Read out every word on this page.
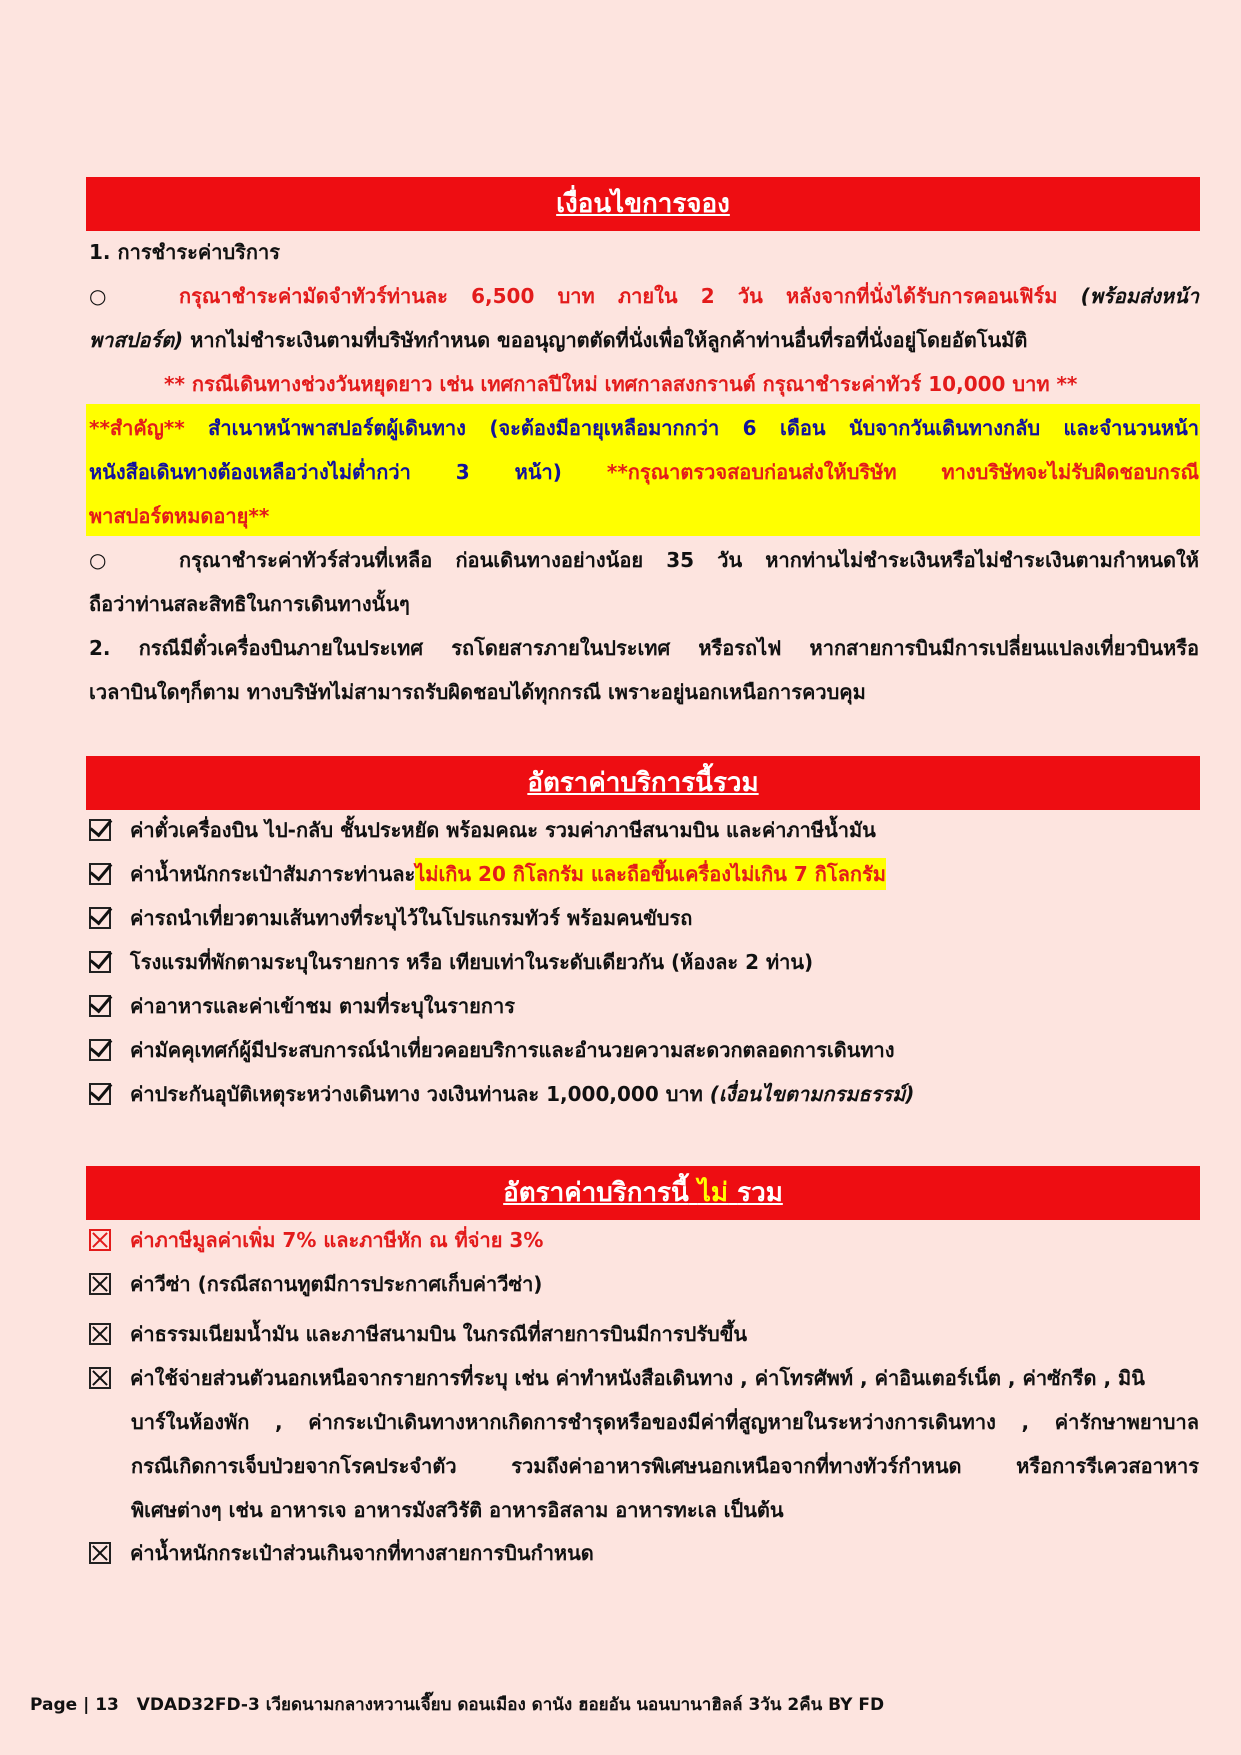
เงื่อนไขการจอง
1. การชำระค่าบริการ
○	กรุณาชำระค่ามัดจำทัวร์ท่านละ 6,500 บาท ภายใน 2 วัน หลังจากที่นั่งได้รับการคอนเฟิร์ม (พร้อมส่งหน้า
พาสปอร์ต) หากไม่ชำระเงินตามที่บริษัทกำหนด ขออนุญาตตัดที่นั่งเพื่อให้ลูกค้าท่านอื่นที่รอที่นั่งอยู่โดยอัตโนมัติ
** กรณีเดินทางช่วงวันหยุดยาว เช่น เทศกาลปีใหม่ เทศกาลสงกรานต์ กรุณาชำระค่าทัวร์ 10,000 บาท **
**สำคัญ** สำเนาหน้าพาสปอร์ตผู้เดินทาง (จะต้องมีอายุเหลือมากกว่า 6 เดือน นับจากวันเดินทางกลับ และจำนวนหน้า
หนังสือเดินทางต้องเหลือว่างไม่ต่ำกว่า 3 หน้า) **กรุณาตรวจสอบก่อนส่งให้บริษัท ทางบริษัทจะไม่รับผิดชอบกรณี
พาสปอร์ตหมดอายุ**
○	กรุณาชำระค่าทัวร์ส่วนที่เหลือ ก่อนเดินทางอย่างน้อย 35 วัน หากท่านไม่ชำระเงินหรือไม่ชำระเงินตามกำหนดให้
ถือว่าท่านสละสิทธิในการเดินทางนั้นๆ
2. กรณีมีตั๋วเครื่องบินภายในประเทศ รถโดยสารภายในประเทศ หรือรถไฟ หากสายการบินมีการเปลี่ยนแปลงเที่ยวบินหรือ
เวลาบินใดๆก็ตาม ทางบริษัทไม่สามารถรับผิดชอบได้ทุกกรณี เพราะอยู่นอกเหนือการควบคุม
อัตราค่าบริการนี้รวม
ค่าตั๋วเครื่องบิน ไป-กลับ ชั้นประหยัด พร้อมคณะ รวมค่าภาษีสนามบิน และค่าภาษีน้ำมัน
ค่าน้ำหนักกระเป๋าสัมภาระท่านละ ไม่เกิน 20 กิโลกรัม และถือขึ้นเครื่องไม่เกิน 7 กิโลกรัม
ค่ารถนำเที่ยวตามเส้นทางที่ระบุไว้ในโปรแกรมทัวร์ พร้อมคนขับรถ
โรงแรมที่พักตามระบุในรายการ หรือ เทียบเท่าในระดับเดียวกัน (ห้องละ 2 ท่าน)
ค่าอาหารและค่าเข้าชม ตามที่ระบุในรายการ
ค่ามัคคุเทศก์ผู้มีประสบการณ์นำเที่ยวคอยบริการและอำนวยความสะดวกตลอดการเดินทาง
ค่าประกันอุบัติเหตุระหว่างเดินทาง วงเงินท่านละ 1,000,000 บาท
(เงื่อนไขตามกรมธรรม์)
อัตราค่าบริการนี้ ไม่ รวม
ค่าภาษีมูลค่าเพิ่ม 7% และภาษีหัก ณ ที่จ่าย 3%
ค่าวีซ่า (กรณีสถานทูตมีการประกาศเก็บค่าวีซ่า)
ค่าธรรมเนียมน้ำมัน และภาษีสนามบิน ในกรณีที่สายการบินมีการปรับขึ้น
ค่าใช้จ่ายส่วนตัวนอกเหนือจากรายการที่ระบุ เช่น ค่าทำหนังสือเดินทาง , ค่าโทรศัพท์ , ค่าอินเตอร์เน็ต , ค่าซักรีด , มินิ
บาร์ในห้องพัก , ค่ากระเป๋าเดินทางหากเกิดการชำรุดหรือของมีค่าที่สูญหายในระหว่างการเดินทาง , ค่ารักษาพยาบาล
กรณีเกิดการเจ็บป่วยจากโรคประจำตัว รวมถึงค่าอาหารพิเศษนอกเหนือจากที่ทางทัวร์กำหนด หรือการรีเควสอาหาร
พิเศษต่างๆ เช่น อาหารเจ อาหารมังสวิรัติ อาหารอิสลาม อาหารทะเล เป็นต้น
ค่าน้ำหนักกระเป๋าส่วนเกินจากที่ทางสายการบินกำหนด
Page | 13 VDAD32FD-3 เวียดนามกลางหวานเจี๊ยบ ดอนเมือง ดานัง ฮอยอัน นอนบานาฮิลล์ 3วัน 2คืน BY FD
